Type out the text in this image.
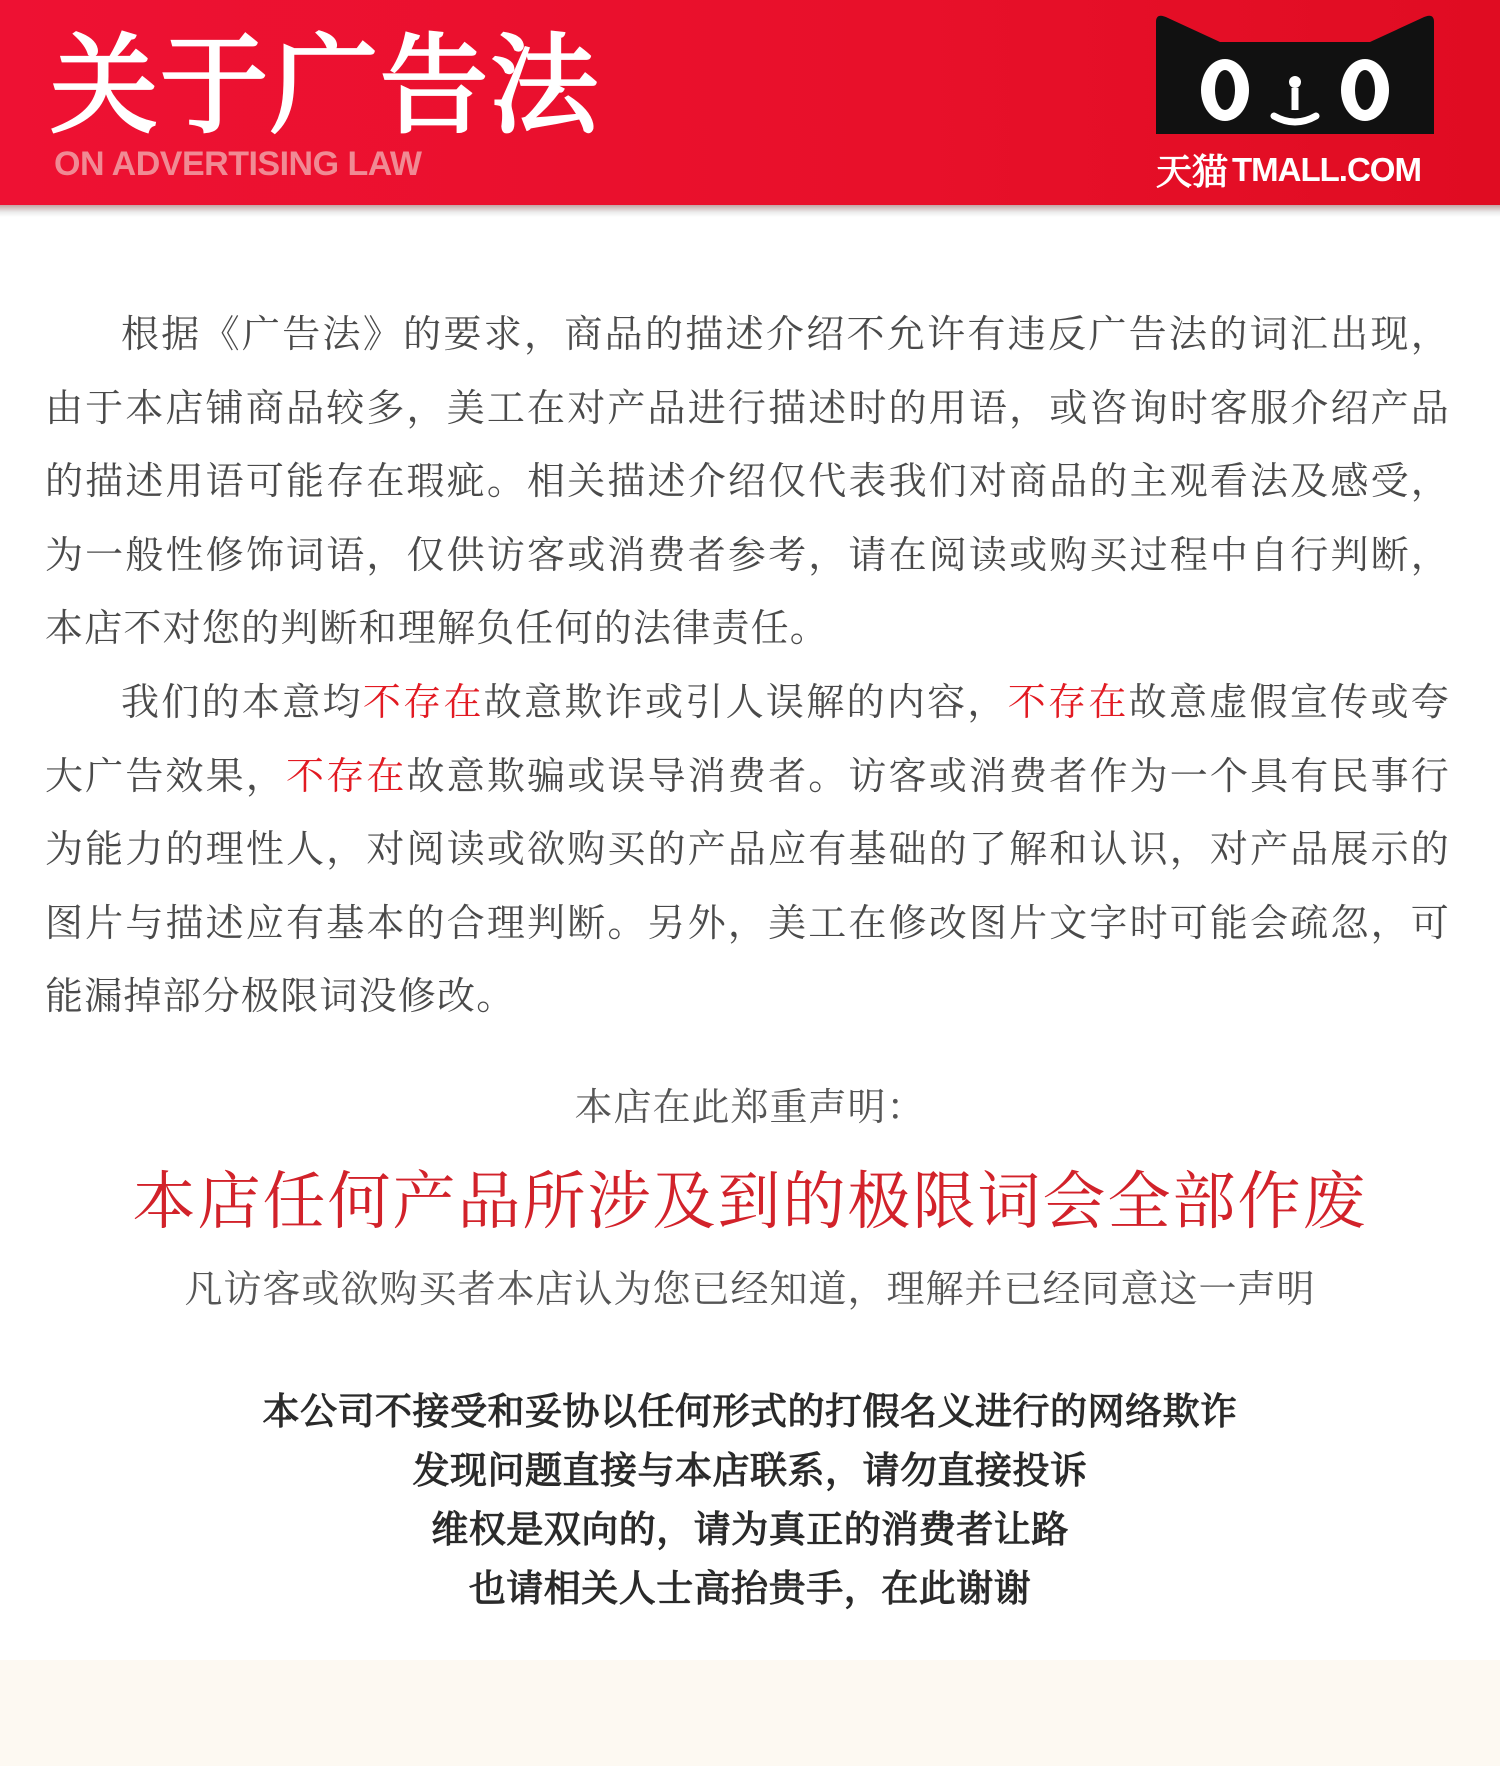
关于广告法
ON ADVERTISING LAW	天猫 TMALL.COM

根据《广告法》的要求，商品的描述介绍不允许有违反广告法的词汇出现，由于本店铺商品较多，美工在对产品进行描述时的用语，或咨询时客服介绍产品的描述用语可能存在瑕疵。相关描述介绍仅代表我们对商品的主观看法及感受，为一般性修饰词语，仅供访客或消费者参考，请在阅读或购买过程中自行判断，本店不对您的判断和理解负任何的法律责任。

我们的本意均不存在故意欺诈或引人误解的内容，不存在故意虚假宣传或夸大广告效果，不存在故意欺骗或误导消费者。访客或消费者作为一个具有民事行为能力的理性人，对阅读或欲购买的产品应有基础的了解和认识，对产品展示的图片与描述应有基本的合理判断。另外，美工在修改图片文字时可能会疏忽，可能漏掉部分极限词没修改。

本店在此郑重声明：
本店任何产品所涉及到的极限词会全部作废
凡访客或欲购买者本店认为您已经知道，理解并已经同意这一声明
本公司不接受和妥协以任何形式的打假名义进行的网络欺诈
发现问题直接与本店联系，请勿直接投诉
维权是双向的，请为真正的消费者让路
也请相关人士高抬贵手，在此谢谢
